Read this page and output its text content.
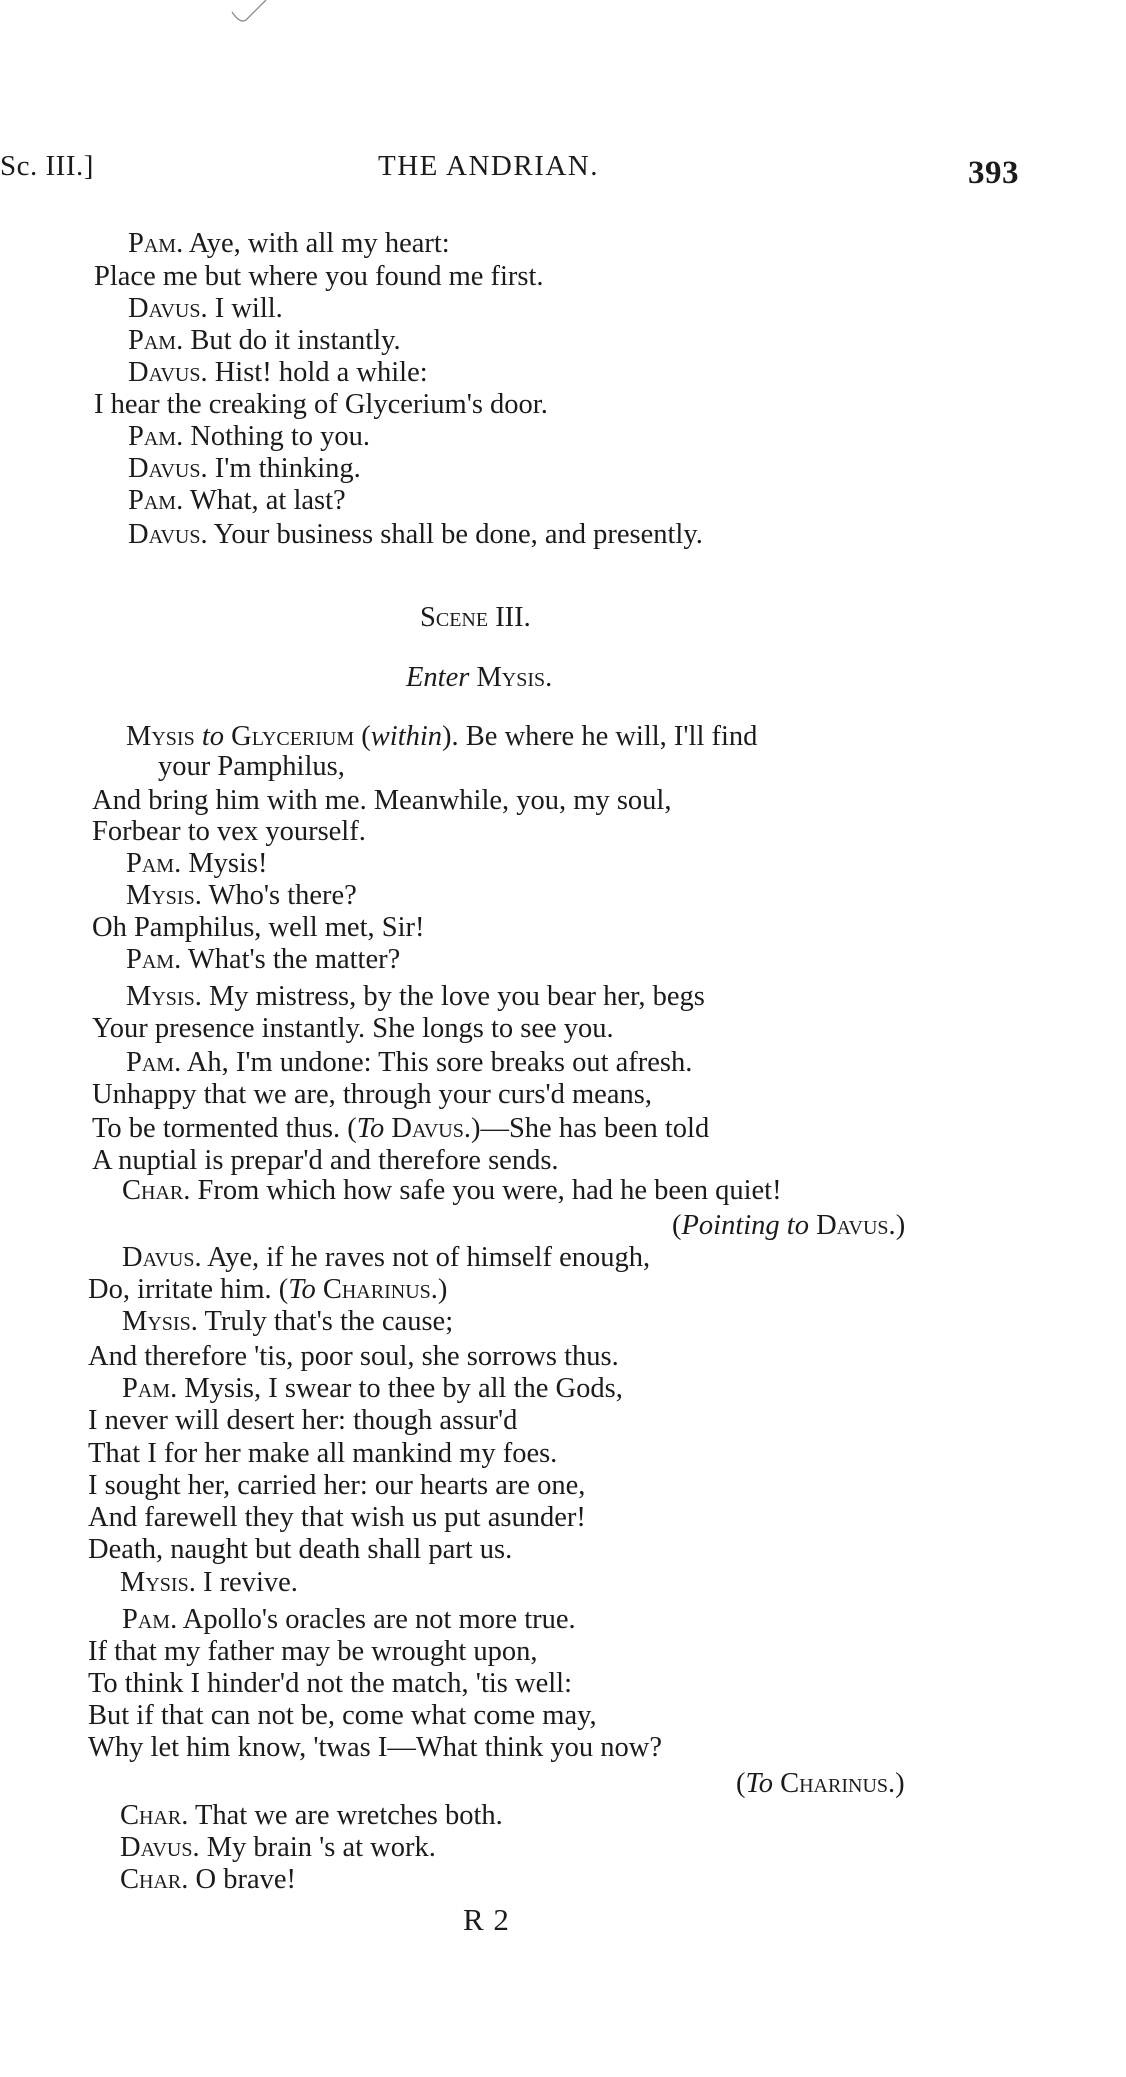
Sc. III.]	THE ANDRIAN.	393
Pam. Aye, with all my heart:
Place me but where you found me first.
Davus. I will.
Pam. But do it instantly.
Davus. Hist! hold a while:
I hear the creaking of Glycerium's door.
Pam. Nothing to you.
Davus. I'm thinking.
Pam. What, at last?
Davus. Your business shall be done, and presently.
Scene III.
Enter Mysis.
Mysis to Glycerium (within). Be where he will, I'll find
your Pamphilus,
And bring him with me. Meanwhile, you, my soul,
Forbear to vex yourself.
Pam. Mysis!
Mysis. Who's there?
Oh Pamphilus, well met, Sir!
Pam. What's the matter?
Mysis. My mistress, by the love you bear her, begs
Your presence instantly. She longs to see you.
Pam. Ah, I'm undone: This sore breaks out afresh.
Unhappy that we are, through your curs'd means,
To be tormented thus. (To Davus.)—She has been told
A nuptial is prepar'd and therefore sends.
Char. From which how safe you were, had he been quiet!
(Pointing to Davus.)
Davus. Aye, if he raves not of himself enough,
Do, irritate him. (To Charinus.)
Mysis. Truly that's the cause;
And therefore 'tis, poor soul, she sorrows thus.
Pam. Mysis, I swear to thee by all the Gods,
I never will desert her: though assur'd
That I for her make all mankind my foes.
I sought her, carried her: our hearts are one,
And farewell they that wish us put asunder!
Death, naught but death shall part us.
Mysis. I revive.
Pam. Apollo's oracles are not more true.
If that my father may be wrought upon,
To think I hinder'd not the match, 'tis well:
But if that can not be, come what come may,
Why let him know, 'twas I—What think you now?
(To Charinus.)
Char. That we are wretches both.
Davus. My brain 's at work.
Char. O brave!
R 2
